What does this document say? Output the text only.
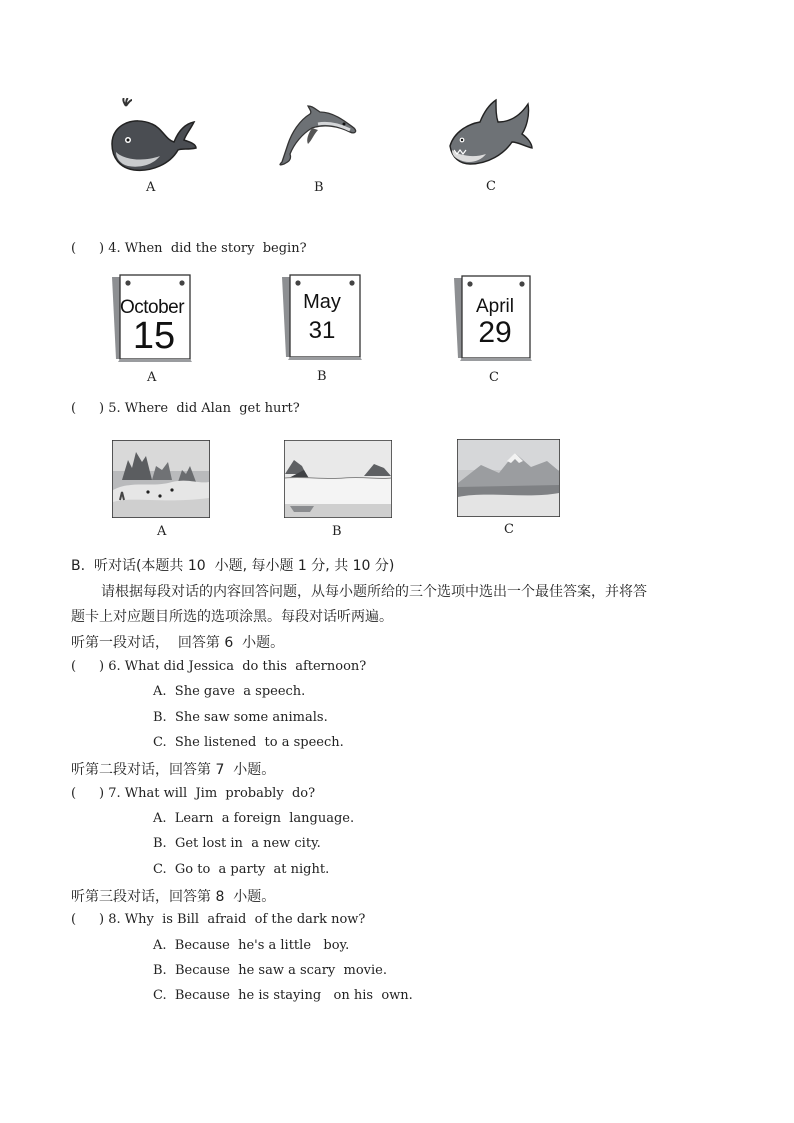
A	B	C
( ) 4. When  did the story  begin?
October
15
A
May
31
B
April
29
C
( ) 5. Where  did Alan  get hurt?
A	B	C
B.  听对话(本题共 10  小题, 每小题 1 分, 共 10 分)
请根据每段对话的内容回答问题，从每小题所给的三个选项中选出一个最佳答案，并将答
题卡上对应题目所选的选项涂黑。每段对话听两遍。
听第一段对话，  回答第 6  小题。
( ) 6. What did Jessica  do this  afternoon?
A.  She gave  a speech.
B.  She saw some animals.
C.  She listened  to a speech.
听第二段对话，回答第 7  小题。
( ) 7. What will  Jim  probably  do?
A.  Learn  a foreign  language.
B.  Get lost in  a new city.
C.  Go to  a party  at night.
听第三段对话，回答第 8  小题。
( ) 8. Why  is Bill  afraid  of the dark now?
A.  Because  he's a little   boy.
B.  Because  he saw a scary  movie.
C.  Because  he is staying   on his  own.
